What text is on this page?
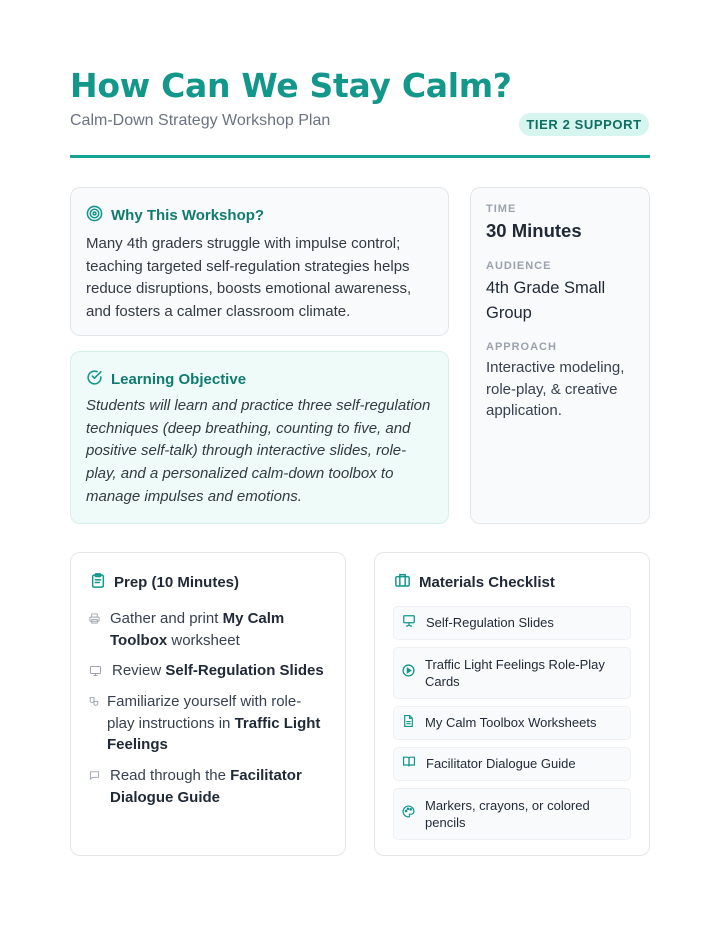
How Can We Stay Calm?
Calm-Down Strategy Workshop Plan	TIER 2 SUPPORT
Why This Workshop?

Many 4th graders struggle with impulse control; teaching targeted self-regulation strategies helps reduce disruptions, boosts emotional awareness, and fosters a calmer classroom climate.

Learning Objective

Students will learn and practice three self-regulation techniques (deep breathing, counting to five, and positive self-talk) through interactive slides, role-play, and a personalized calm-down toolbox to manage impulses and emotions.

TIME
30 Minutes
AUDIENCE
4th Grade Small Group
APPROACH
Interactive modeling, role-play, & creative application.
Prep (10 Minutes)
Gather and print My Calm Toolbox worksheet
Review Self-Regulation Slides
Familiarize yourself with role-play instructions in Traffic Light Feelings
Read through the Facilitator Dialogue Guide
Materials Checklist
Self-Regulation Slides
Traffic Light Feelings Role-Play Cards
My Calm Toolbox Worksheets
Facilitator Dialogue Guide
Markers, crayons, or colored pencils
